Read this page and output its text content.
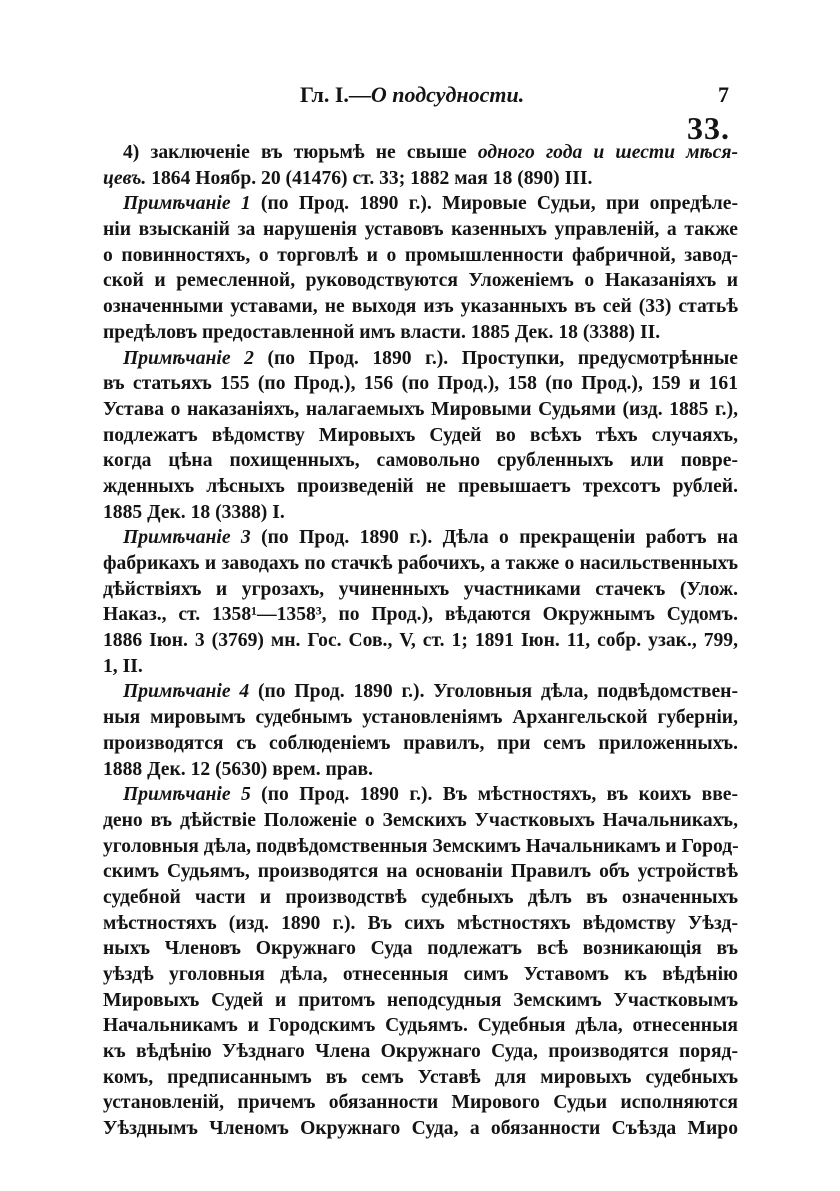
Гл. I.—О подсудности.	7
33.
4) заключеніе въ тюрьмѣ не свыше одного года и шести мѣся-
цевъ. 1864 Ноябр. 20 (41476) ст. 33; 1882 мая 18 (890) III.
Примѣчаніе 1 (по Прод. 1890 г.). Мировые Судьи, при опредѣле-
ніи взысканій за нарушенія уставовъ казенныхъ управленій, а также
о повинностяхъ, о торговлѣ и о промышленности фабричной, завод-
ской и ремесленной, руководствуются Уложеніемъ о Наказаніяхъ и
означенными уставами, не выходя изъ указанныхъ въ сей (33) статьѣ
предѣловъ предоставленной имъ власти. 1885 Дек. 18 (3388) II.
Примѣчаніе 2 (по Прод. 1890 г.). Проступки, предусмотрѣнные
въ статьяхъ 155 (по Прод.), 156 (по Прод.), 158 (по Прод.), 159 и 161
Устава о наказаніяхъ, налагаемыхъ Мировыми Судьями (изд. 1885 г.),
подлежатъ вѣдомству Мировыхъ Судей во всѣхъ тѣхъ случаяхъ,
когда цѣна похищенныхъ, самовольно срубленныхъ или повре-
жденныхъ лѣсныхъ произведеній не превышаетъ трехсотъ рублей.
1885 Дек. 18 (3388) I.
Примѣчаніе 3 (по Прод. 1890 г.). Дѣла о прекращеніи работъ на
фабрикахъ и заводахъ по стачкѣ рабочихъ, а также о насильственныхъ
дѣйствіяхъ и угрозахъ, учиненныхъ участниками стачекъ (Улож.
Наказ., ст. 1358¹—1358³, по Прод.), вѣдаются Окружнымъ Судомъ.
1886 Іюн. 3 (3769) мн. Гос. Сов., V, ст. 1; 1891 Іюн. 11, собр. узак., 799,
1, II.
Примѣчаніе 4 (по Прод. 1890 г.). Уголовныя дѣла, подвѣдомствен-
ныя мировымъ судебнымъ установленіямъ Архангельской губерніи,
производятся съ соблюденіемъ правилъ, при семъ приложенныхъ.
1888 Дек. 12 (5630) врем. прав.
Примѣчаніе 5 (по Прод. 1890 г.). Въ мѣстностяхъ, въ коихъ вве-
дено въ дѣйствіе Положеніе о Земскихъ Участковыхъ Начальникахъ,
уголовныя дѣла, подвѣдомственныя Земскимъ Начальникамъ и Город-
скимъ Судьямъ, производятся на основаніи Правилъ объ устройствѣ
судебной части и производствѣ судебныхъ дѣлъ въ означенныхъ
мѣстностяхъ (изд. 1890 г.). Въ сихъ мѣстностяхъ вѣдомству Уѣзд-
ныхъ Членовъ Окружнаго Суда подлежатъ всѣ возникающія въ
уѣздѣ уголовныя дѣла, отнесенныя симъ Уставомъ къ вѣдѣнію
Мировыхъ Судей и притомъ неподсудныя Земскимъ Участковымъ
Начальникамъ и Городскимъ Судьямъ. Судебныя дѣла, отнесенныя
къ вѣдѣнію Уѣзднаго Члена Окружнаго Суда, производятся поряд-
комъ, предписаннымъ въ семъ Уставѣ для мировыхъ судебныхъ
установленій, причемъ обязанности Мирового Судьи исполняются
Уѣзднымъ Членомъ Окружнаго Суда, а обязанности Съѣзда Миро
